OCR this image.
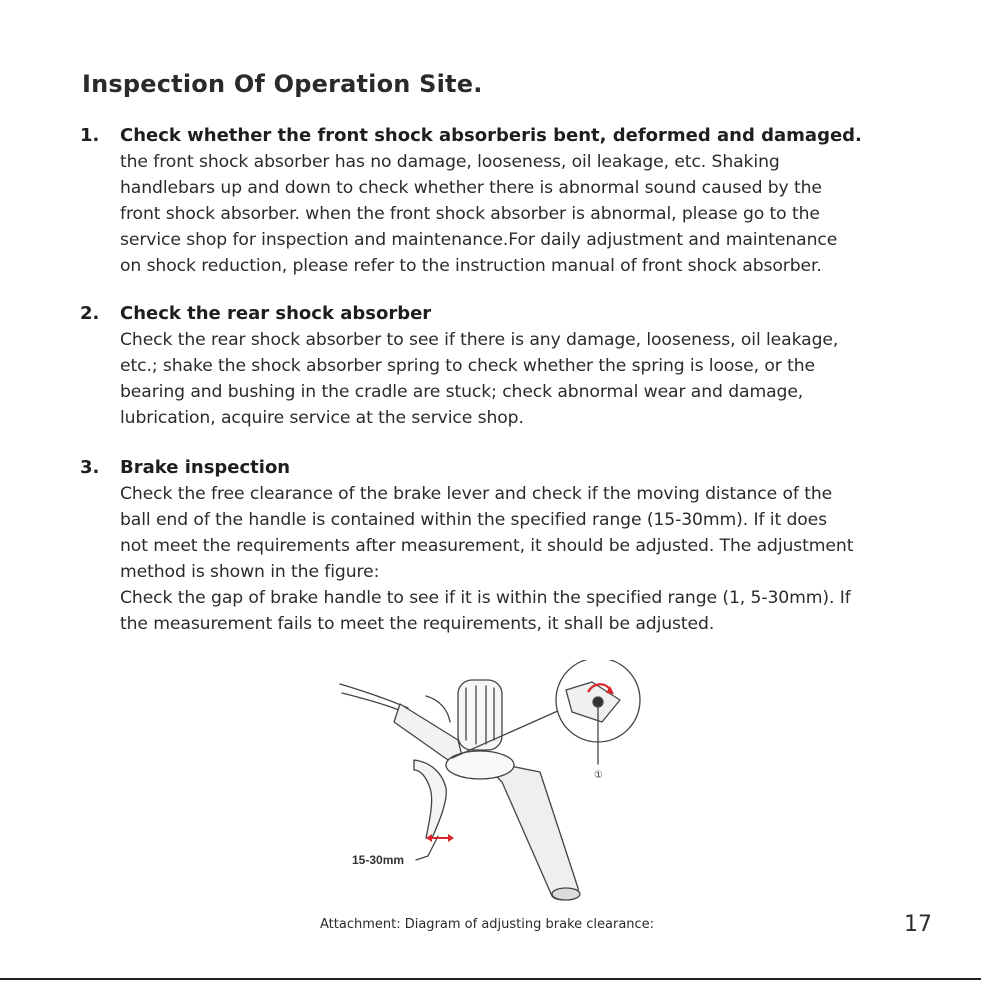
Inspection Of Operation Site.
1.	Check whether the front shock absorberis bent, deformed and damaged.
the front shock absorber has no damage, looseness, oil leakage, etc. Shaking
handlebars up and down to check whether there is abnormal sound caused by the
front shock absorber. when the front shock absorber is abnormal, please go to the
service shop for inspection and maintenance.For daily adjustment and maintenance
on shock reduction, please refer to the instruction manual of front shock absorber.
2.	Check the rear shock absorber
Check the rear shock absorber to see if there is any damage, looseness, oil leakage,
etc.; shake the shock absorber spring to check whether the spring is loose, or the
bearing and bushing in the cradle are stuck; check abnormal wear and damage,
lubrication, acquire service at the service shop.
3.	Brake inspection
Check the free clearance of the brake lever and check if the moving distance of the
ball end of the handle is contained within the specified range (15-30mm). If it does
not meet the requirements after measurement, it should be adjusted. The adjustment
method is shown in the figure:
Check the gap of brake handle to see if it is within the specified range (1, 5-30mm). If
the measurement fails to meet the requirements, it shall be adjusted.
15-30mm
①
Attachment: Diagram of adjusting brake clearance:	17
